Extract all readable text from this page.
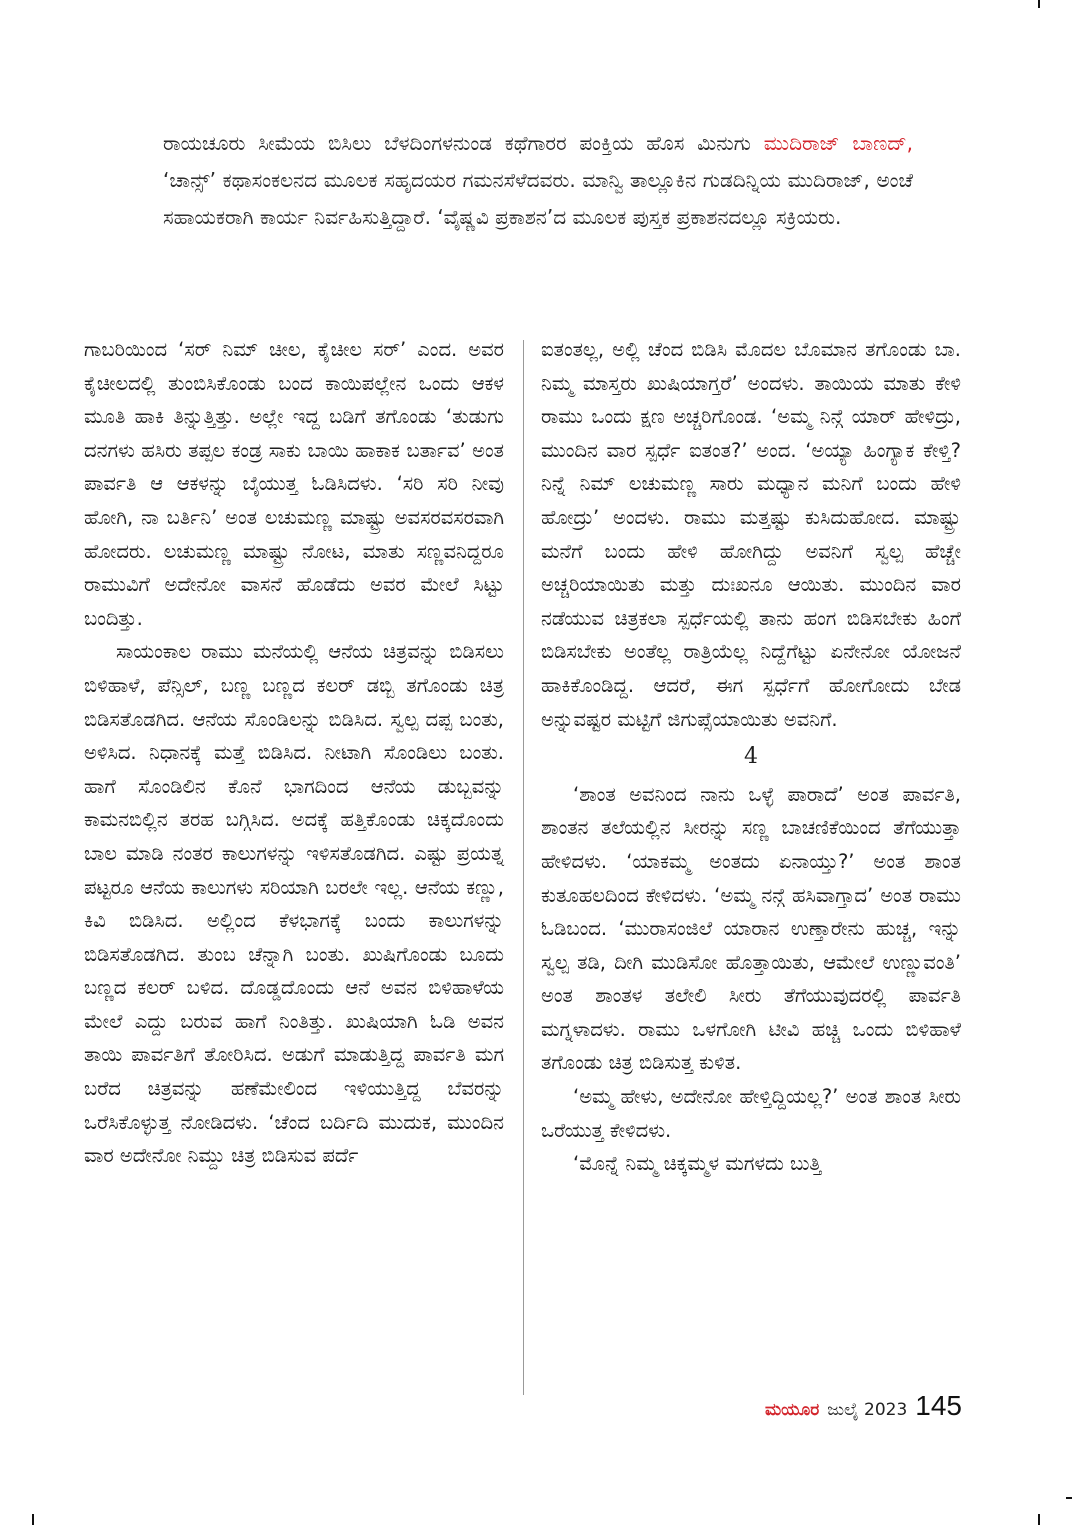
ರಾಯಚೂರು ಸೀಮೆಯ ಬಿಸಿಲು ಬೆಳದಿಂಗಳನುಂಡ ಕಥೆಗಾರರ ಪಂಕ್ತಿಯ ಹೊಸ ಮಿನುಗು ಮುದಿರಾಜ್ ಬಾಣದ್, ‘ಚಾನ್ಸ್’ ಕಥಾಸಂಕಲನದ ಮೂಲಕ ಸಹೃದಯರ ಗಮನಸೆಳೆದವರು. ಮಾನ್ವಿ ತಾಲ್ಲೂಕಿನ ಗುಡದಿನ್ನಿಯ ಮುದಿರಾಜ್, ಅಂಚೆ ಸಹಾಯಕರಾಗಿ ಕಾರ್ಯ ನಿರ್ವಹಿಸುತ್ತಿದ್ದಾರೆ. ‘ವೈಷ್ಣವಿ ಪ್ರಕಾಶನ’ದ ಮೂಲಕ ಪುಸ್ತಕ ಪ್ರಕಾಶನದಲ್ಲೂ ಸಕ್ರಿಯರು.

ಗಾಬರಿಯಿಂದ ‘ಸರ್ ನಿಮ್ ಚೀಲ, ಕೈಚೀಲ ಸರ್’ ಎಂದ. ಅವರ ಕೈಚೀಲದಲ್ಲಿ ತುಂಬಿಸಿಕೊಂಡು ಬಂದ ಕಾಯಿಪಲ್ಲೇನ ಒಂದು ಆಕಳ ಮೂತಿ ಹಾಕಿ ತಿನ್ನುತ್ತಿತ್ತು. ಅಲ್ಲೇ ಇದ್ದ ಬಡಿಗೆ ತಗೊಂಡು ‘ತುಡುಗು ದನಗಳು ಹಸಿರು ತಪ್ಪಲ ಕಂಡ್ರ ಸಾಕು ಬಾಯಿ ಹಾಕಾಕ ಬರ್ತಾವ’ ಅಂತ ಪಾರ್ವತಿ ಆ ಆಕಳನ್ನು ಬೈಯುತ್ತ ಓಡಿಸಿದಳು. ‘ಸರಿ ಸರಿ ನೀವು ಹೋಗಿ, ನಾ ಬರ್ತಿನಿ’ ಅಂತ ಲಚುಮಣ್ಣ ಮಾಷ್ಟ್ರು ಅವಸರವಸರವಾಗಿ ಹೋದರು. ಲಚುಮಣ್ಣ ಮಾಷ್ಟ್ರು ನೋಟ, ಮಾತು ಸಣ್ಣವನಿದ್ದರೂ ರಾಮುವಿಗೆ ಅದೇನೋ ವಾಸನೆ ಹೊಡೆದು ಅವರ ಮೇಲೆ ಸಿಟ್ಟು ಬಂದಿತ್ತು.

ಸಾಯಂಕಾಲ ರಾಮು ಮನೆಯಲ್ಲಿ ಆನೆಯ ಚಿತ್ರವನ್ನು ಬಿಡಿಸಲು ಬಿಳಿಹಾಳೆ, ಪೆನ್ಸಿಲ್, ಬಣ್ಣ ಬಣ್ಣದ ಕಲರ್ ಡಬ್ಬಿ ತಗೊಂಡು ಚಿತ್ರ ಬಿಡಿಸತೊಡಗಿದ. ಆನೆಯ ಸೊಂಡಿಲನ್ನು ಬಿಡಿಸಿದ. ಸ್ವಲ್ಪ ದಪ್ಪ ಬಂತು, ಅಳಿಸಿದ. ನಿಧಾನಕ್ಕೆ ಮತ್ತೆ ಬಿಡಿಸಿದ. ನೀಟಾಗಿ ಸೊಂಡಿಲು ಬಂತು. ಹಾಗೆ ಸೊಂಡಿಲಿನ ಕೊನೆ ಭಾಗದಿಂದ ಆನೆಯ ಡುಬ್ಬವನ್ನು ಕಾಮನಬಿಲ್ಲಿನ ತರಹ ಬಗ್ಗಿಸಿದ. ಅದಕ್ಕೆ ಹತ್ತಿಕೊಂಡು ಚಿಕ್ಕದೊಂದು ಬಾಲ ಮಾಡಿ ನಂತರ ಕಾಲುಗಳನ್ನು ಇಳಿಸತೊಡಗಿದ. ಎಷ್ಟು ಪ್ರಯತ್ನ ಪಟ್ಟರೂ ಆನೆಯ ಕಾಲುಗಳು ಸರಿಯಾಗಿ ಬರಲೇ ಇಲ್ಲ. ಆನೆಯ ಕಣ್ಣು, ಕಿವಿ ಬಿಡಿಸಿದ. ಅಲ್ಲಿಂದ ಕೆಳಭಾಗಕ್ಕೆ ಬಂದು ಕಾಲುಗಳನ್ನು ಬಿಡಿಸತೊಡಗಿದ. ತುಂಬ ಚೆನ್ನಾಗಿ ಬಂತು. ಖುಷಿಗೊಂಡು ಬೂದು ಬಣ್ಣದ ಕಲರ್ ಬಳಿದ. ದೊಡ್ಡದೊಂದು ಆನೆ ಅವನ ಬಿಳಿಹಾಳೆಯ ಮೇಲೆ ಎದ್ದು ಬರುವ ಹಾಗೆ ನಿಂತಿತ್ತು. ಖುಷಿಯಾಗಿ ಓಡಿ ಅವನ ತಾಯಿ ಪಾರ್ವತಿಗೆ ತೋರಿಸಿದ. ಅಡುಗೆ ಮಾಡುತ್ತಿದ್ದ ಪಾರ್ವತಿ ಮಗ ಬರೆದ ಚಿತ್ರವನ್ನು ಹಣೆಮೇಲಿಂದ ಇಳಿಯುತ್ತಿದ್ದ ಬೆವರನ್ನು ಒರೆಸಿಕೊಳ್ಳುತ್ತ ನೋಡಿದಳು. ‘ಚೆಂದ ಬರ್ದಿದಿ ಮುದುಕ, ಮುಂದಿನ ವಾರ ಅದೇನೋ ನಿಮ್ದು ಚಿತ್ರ ಬಿಡಿಸುವ ಪರ್ದೆ

ಐತಂತಲ್ಲ, ಅಲ್ಲಿ ಚೆಂದ ಬಿಡಿಸಿ ಮೊದಲ ಬೊಮಾನ ತಗೊಂಡು ಬಾ. ನಿಮ್ಮ ಮಾಸ್ತರು ಖುಷಿಯಾಗ್ತರೆ’ ಅಂದಳು. ತಾಯಿಯ ಮಾತು ಕೇಳಿ ರಾಮು ಒಂದು ಕ್ಷಣ ಅಚ್ಚರಿಗೊಂಡ. ‘ಅಮ್ಮ ನಿನ್ಗೆ ಯಾರ್ ಹೇಳಿದ್ರು, ಮುಂದಿನ ವಾರ ಸ್ಪರ್ಧೆ ಐತಂತ?’ ಅಂದ. ‘ಅಯ್ಯಾ ಹಿಂಗ್ಯಾಕ ಕೇಳ್ತಿ? ನಿನ್ನೆ ನಿಮ್ ಲಚುಮಣ್ಣ ಸಾರು ಮಧ್ಯಾನ ಮನಿಗೆ ಬಂದು ಹೇಳಿ ಹೋದ್ರು’ ಅಂದಳು. ರಾಮು ಮತ್ತಷ್ಟು ಕುಸಿದುಹೋದ. ಮಾಷ್ಟ್ರು ಮನೆಗೆ ಬಂದು ಹೇಳಿ ಹೋಗಿದ್ದು ಅವನಿಗೆ ಸ್ವಲ್ಪ ಹೆಚ್ಚೇ ಅಚ್ಚರಿಯಾಯಿತು ಮತ್ತು ದುಃಖನೂ ಆಯಿತು. ಮುಂದಿನ ವಾರ ನಡೆಯುವ ಚಿತ್ರಕಲಾ ಸ್ಪರ್ಧೆಯಲ್ಲಿ ತಾನು ಹಂಗ ಬಿಡಿಸಬೇಕು ಹಿಂಗೆ ಬಿಡಿಸಬೇಕು ಅಂತೆಲ್ಲ ರಾತ್ರಿಯೆಲ್ಲ ನಿದ್ದೆಗೆಟ್ಟು ಏನೇನೋ ಯೋಜನೆ ಹಾಕಿಕೊಂಡಿದ್ದ. ಆದರೆ, ಈಗ ಸ್ಪರ್ಧೆಗೆ ಹೋಗೋದು ಬೇಡ ಅನ್ನುವಷ್ಟರ ಮಟ್ಟಿಗೆ ಜಿಗುಪ್ಸೆಯಾಯಿತು ಅವನಿಗೆ.

4

‘ಶಾಂತ ಅವನಿಂದ ನಾನು ಒಳ್ಳೆ ಪಾರಾದೆ’ ಅಂತ ಪಾರ್ವತಿ, ಶಾಂತನ ತಲೆಯಲ್ಲಿನ ಸೀರನ್ನು ಸಣ್ಣ ಬಾಚಣಿಕೆಯಿಂದ ತೆಗೆಯುತ್ತಾ ಹೇಳಿದಳು. ‘ಯಾಕಮ್ಮ ಅಂತದು ಏನಾಯ್ತು?’ ಅಂತ ಶಾಂತ ಕುತೂಹಲದಿಂದ ಕೇಳಿದಳು. ‘ಅಮ್ಮ ನನ್ಗೆ ಹಸಿವಾಗ್ತಾದ’ ಅಂತ ರಾಮು ಓಡಿಬಂದ. ‘ಮುರಾಸಂಜಿಲೆ ಯಾರಾನ ಉಣ್ತಾರೇನು ಹುಚ್ಚ, ಇನ್ನು ಸ್ವಲ್ಪ ತಡಿ, ದೀಗಿ ಮುಡಿಸೋ ಹೊತ್ತಾಯಿತು, ಆಮೇಲೆ ಉಣ್ಣುವಂತಿ’ ಅಂತ ಶಾಂತಳ ತಲೇಲಿ ಸೀರು ತೆಗೆಯುವುದರಲ್ಲಿ ಪಾರ್ವತಿ ಮಗ್ನಳಾದಳು. ರಾಮು ಒಳಗೋಗಿ ಟೀವಿ ಹಚ್ಚಿ ಒಂದು ಬಿಳಿಹಾಳೆ ತಗೊಂಡು ಚಿತ್ರ ಬಿಡಿಸುತ್ತ ಕುಳಿತ.

‘ಅಮ್ಮ ಹೇಳು, ಅದೇನೋ ಹೇಳ್ತಿದ್ದಿಯಲ್ಲ?’ ಅಂತ ಶಾಂತ ಸೀರು ಒರೆಯುತ್ತ ಕೇಳಿದಳು.

‘ಮೊನ್ನೆ ನಿಮ್ಮ ಚಿಕ್ಕಮ್ಮಳ ಮಗಳದು ಬುತ್ತಿ

ಮಯೂರ ಜುಲೈ 2023 145
